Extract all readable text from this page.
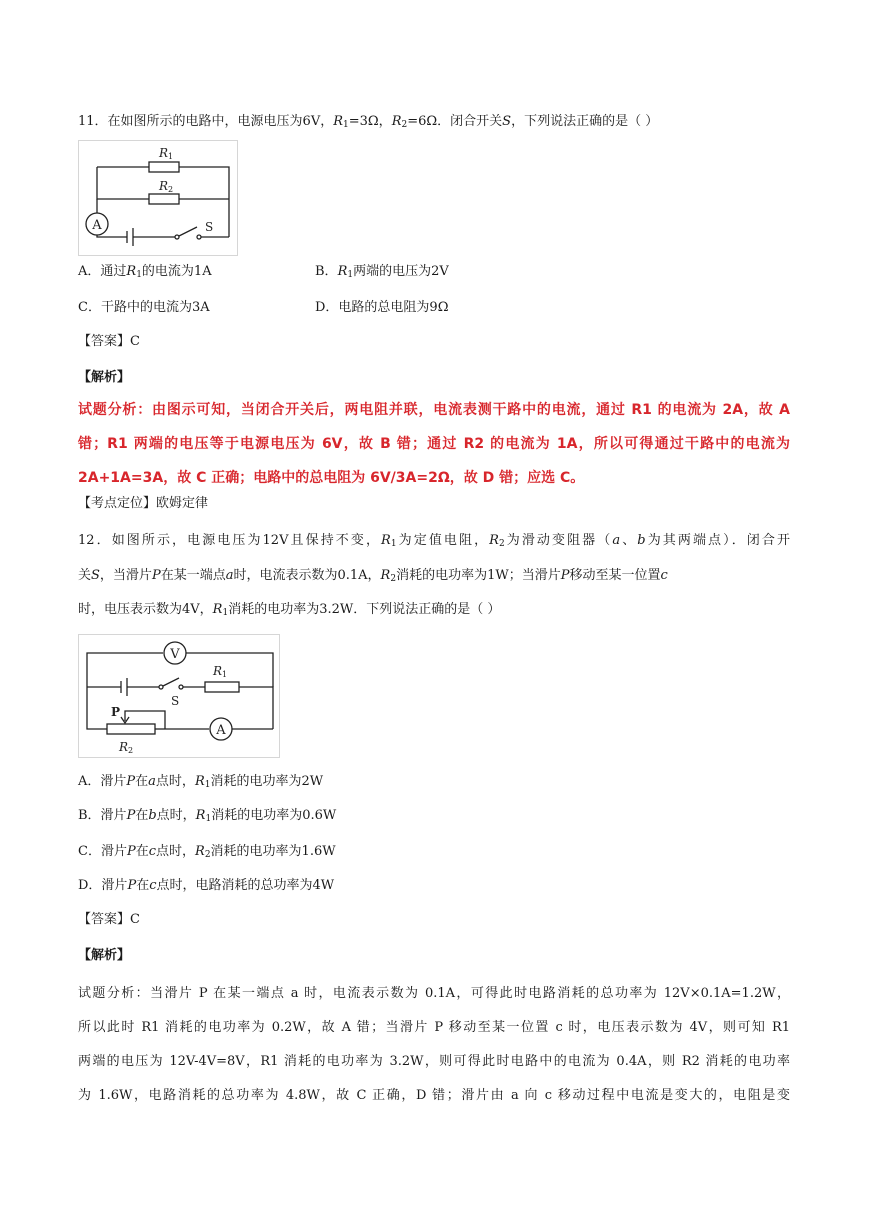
11．在如图所示的电路中，电源电压为6V，$R_1=3\Omega$，$R_2=6\Omega$．闭合开关S，下列说法正确的是（ ）
A
R 1
R 2
S
A．通过$R_1$的电流为1A	B．$R_1$两端的电压为2V
C．干路中的电流为3A	D．电路的总电阻为9Ω
【答案】C
【解析】
试题分析：由图示可知，当闭合开关后，两电阻并联，电流表测干路中的电流，通过 R1 的电流为 2A，故 A
错；R1 两端的电压等于电源电压为 6V，故 B 错；通过 R2 的电流为 1A，所以可得通过干路中的电流为
2A+1A=3A，故 C 正确；电路中的总电阻为 6V/3A=2Ω，故 D 错；应选 C。
【考点定位】欧姆定律
12．如图所示，电源电压为12V且保持不变，$R_1$为定值电阻，$R_2$为滑动变阻器（a、b为其两端点）．闭合开
关S，当滑片P在某一端点a时，电流表示数为0.1A，$R_2$消耗的电功率为1W；当滑片P移动至某一位置c
时，电压表示数为4V，$R_1$消耗的电功率为3.2W．下列说法正确的是（ ）
V
R 1
S
P
R 2
A
A．滑片P在a点时，$R_1$消耗的电功率为2W
B．滑片P在b点时，$R_1$消耗的电功率为0.6W
C．滑片P在c点时，$R_2$消耗的电功率为1.6W
D．滑片P在c点时，电路消耗的总功率为4W
【答案】C
【解析】
试题分析：当滑片 P 在某一端点 a 时，电流表示数为 0.1A，可得此时电路消耗的总功率为 12V×0.1A=1.2W，
所以此时 R1 消耗的电功率为 0.2W，故 A 错；当滑片 P 移动至某一位置 c 时，电压表示数为 4V，则可知 R1
两端的电压为 12V-4V=8V，R1 消耗的电功率为 3.2W，则可得此时电路中的电流为 0.4A，则 R2 消耗的电功率
为 1.6W，电路消耗的总功率为 4.8W，故 C 正确，D 错；滑片由 a 向 c 移动过程中电流是变大的，电阻是变
